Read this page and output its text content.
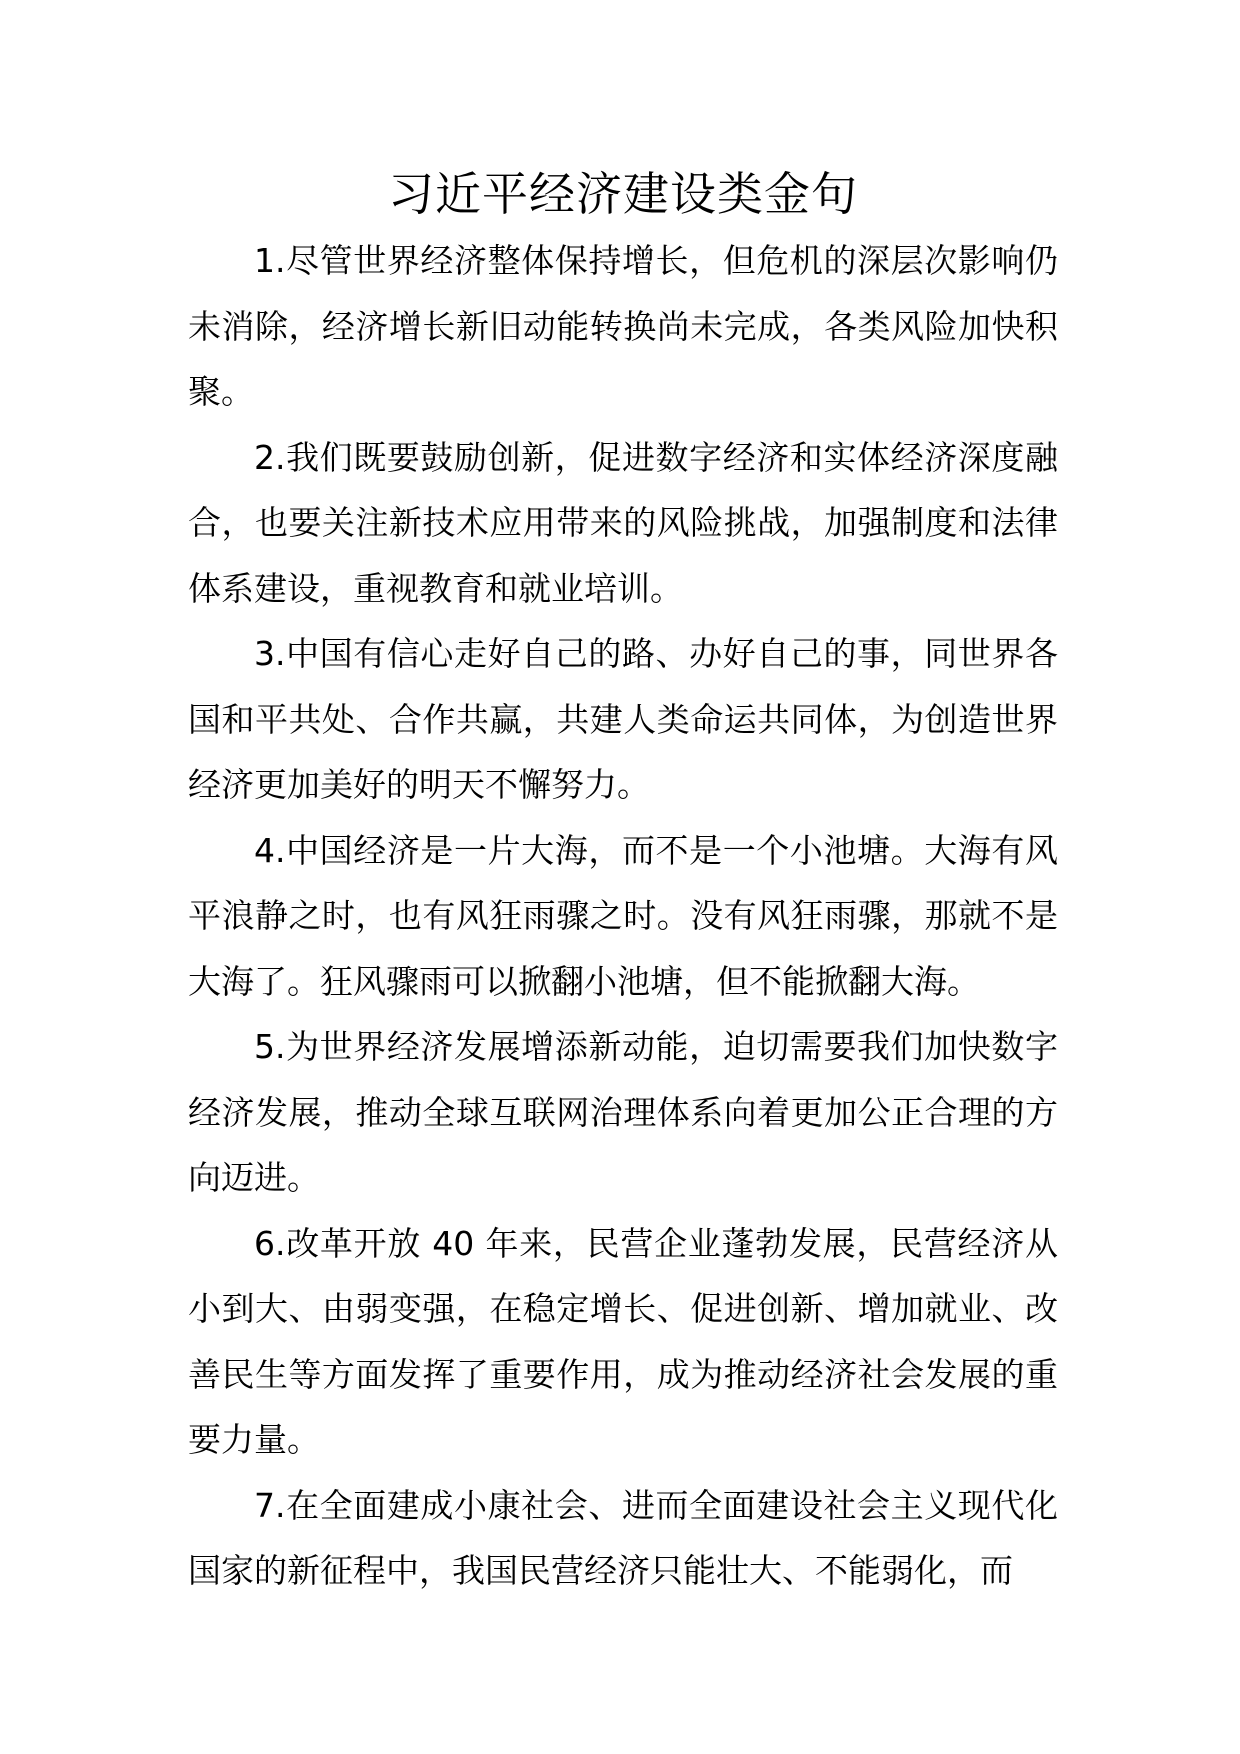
习近平经济建设类金句

1.尽管世界经济整体保持增长，但危机的深层次影响仍未消除，经济增长新旧动能转换尚未完成，各类风险加快积聚。

2.我们既要鼓励创新，促进数字经济和实体经济深度融合，也要关注新技术应用带来的风险挑战，加强制度和法律体系建设，重视教育和就业培训。

3.中国有信心走好自己的路、办好自己的事，同世界各国和平共处、合作共赢，共建人类命运共同体，为创造世界经济更加美好的明天不懈努力。

4.中国经济是一片大海，而不是一个小池塘。大海有风平浪静之时，也有风狂雨骤之时。没有风狂雨骤，那就不是大海了。狂风骤雨可以掀翻小池塘，但不能掀翻大海。

5.为世界经济发展增添新动能，迫切需要我们加快数字经济发展，推动全球互联网治理体系向着更加公正合理的方向迈进。

6.改革开放 40 年来，民营企业蓬勃发展，民营经济从小到大、由弱变强，在稳定增长、促进创新、增加就业、改善民生等方面发挥了重要作用，成为推动经济社会发展的重要力量。

7.在全面建成小康社会、进而全面建设社会主义现代化国家的新征程中，我国民营经济只能壮大、不能弱化，而
